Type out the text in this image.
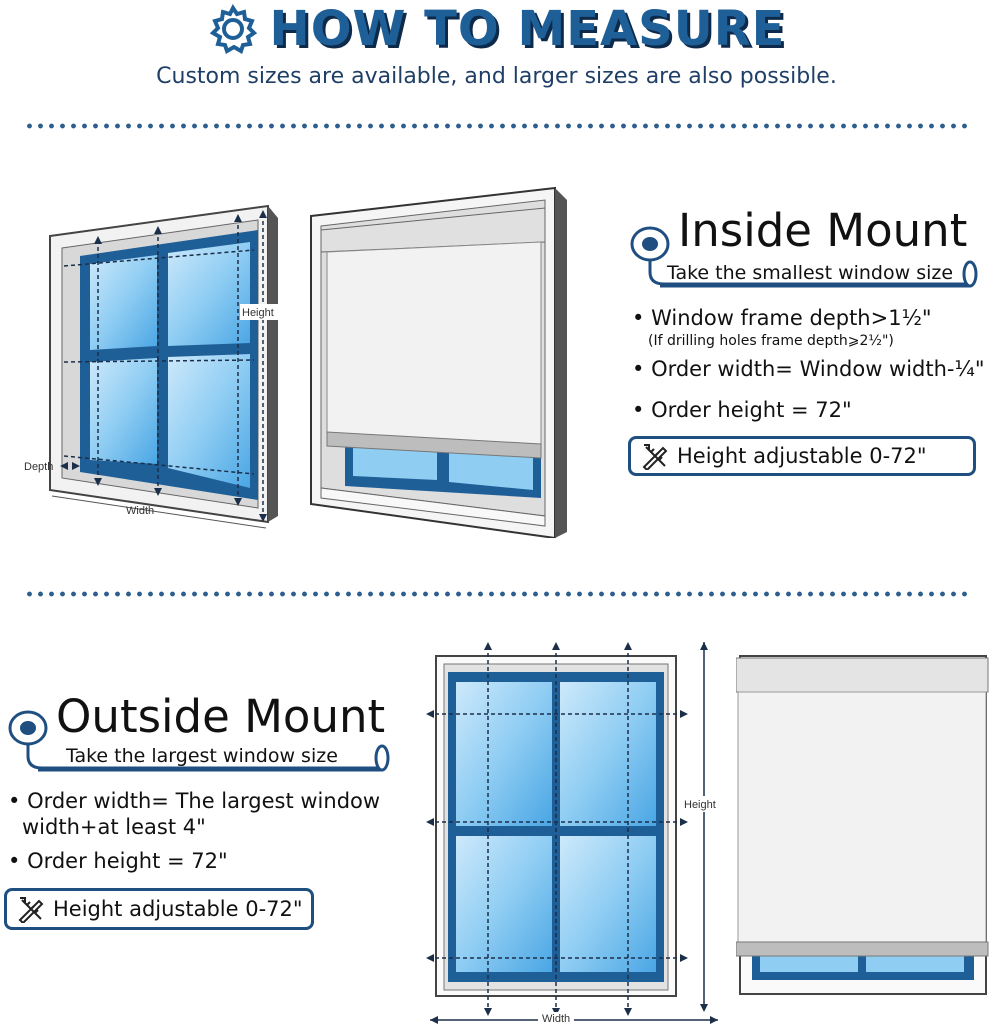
HOW TO MEASURE
Custom sizes are available, and larger sizes are also possible.
Height
Depth
Width
Inside Mount
Take the smallest window size
• Window frame depth>1½"
(If drilling holes frame depth⩾2½")
• Order width= Window width-¼"
• Order height = 72"
Height adjustable 0-72"
Outside Mount
Take the largest window size
• Order width= The largest window
width+at least 4"
• Order height = 72"
Height adjustable 0-72"
Width
Height
